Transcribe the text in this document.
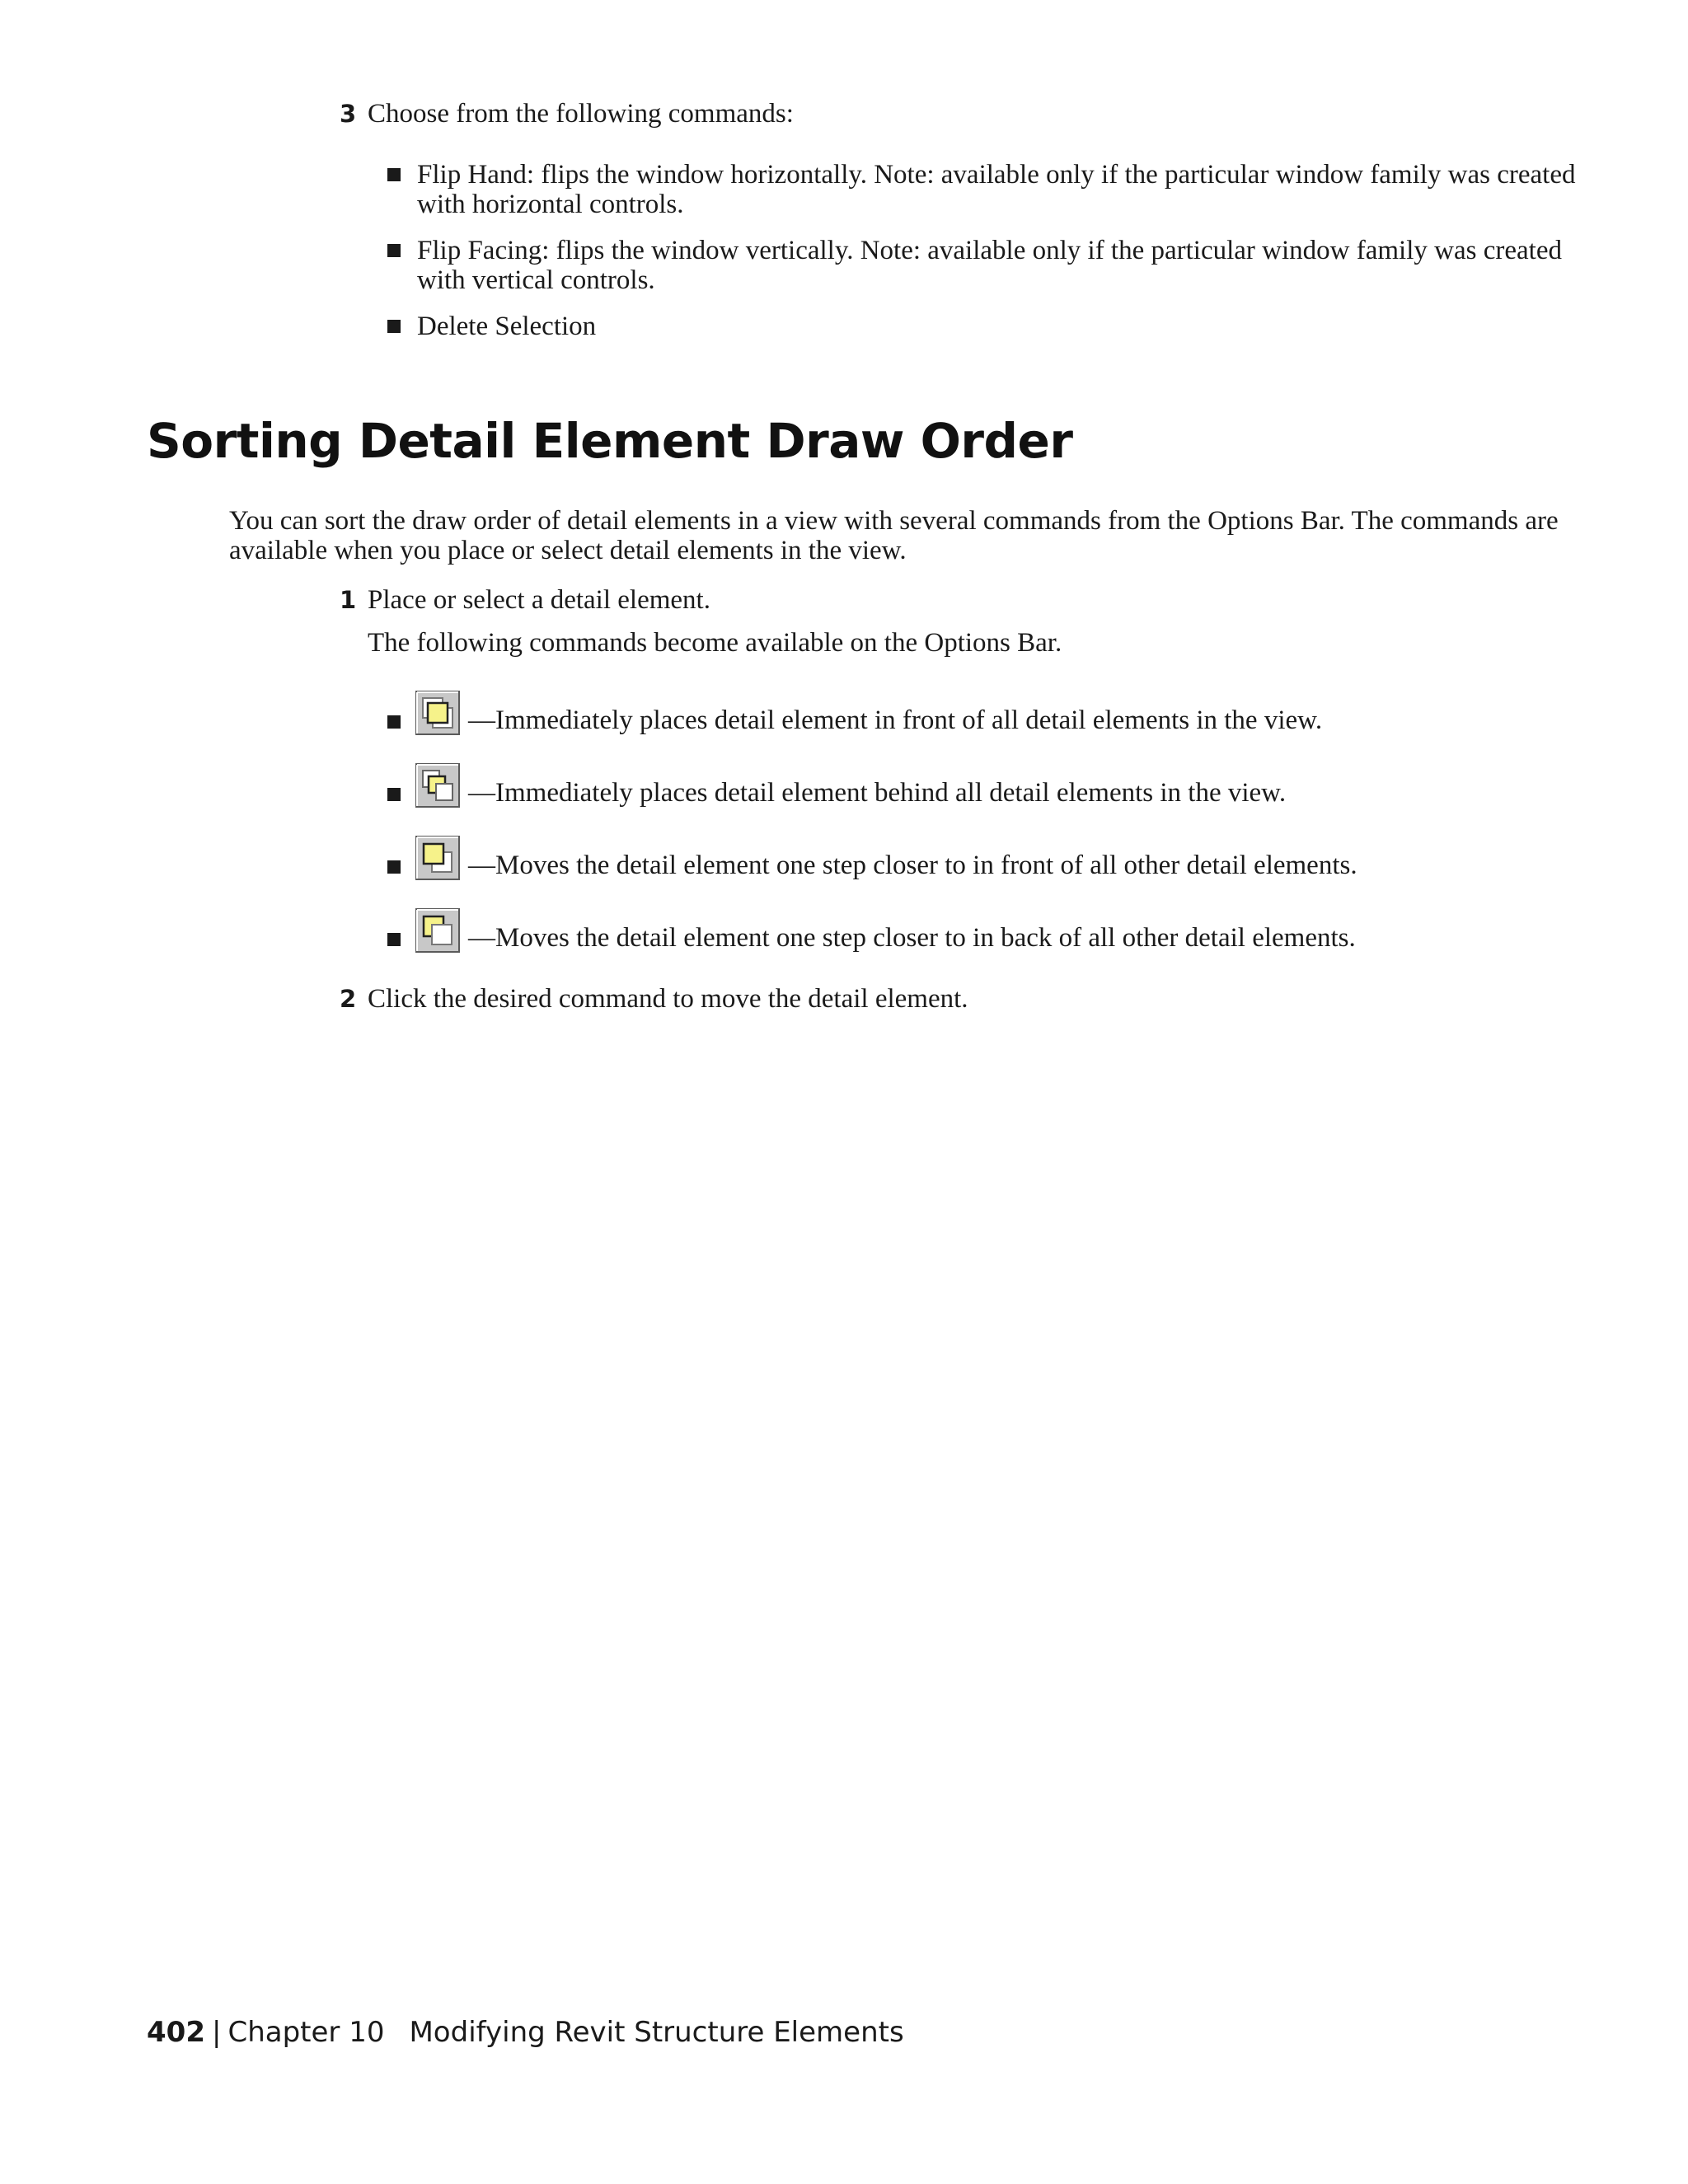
3 Choose from the following commands:
Flip Hand: flips the window horizontally. Note: available only if the particular window family was created with horizontal controls.
Flip Facing: flips the window vertically. Note: available only if the particular window family was created with vertical controls.
Delete Selection
Sorting Detail Element Draw Order

You can sort the draw order of detail elements in a view with several commands from the Options Bar. The commands are available when you place or select detail elements in the view.

1 Place or select a detail element.
The following commands become available on the Options Bar.
—Immediately places detail element in front of all detail elements in the view.
—Immediately places detail element behind all detail elements in the view.
—Moves the detail element one step closer to in front of all other detail elements.
—Moves the detail element one step closer to in back of all other detail elements.
2 Click the desired command to move the detail element.
402 | Chapter 10 Modifying Revit Structure Elements
